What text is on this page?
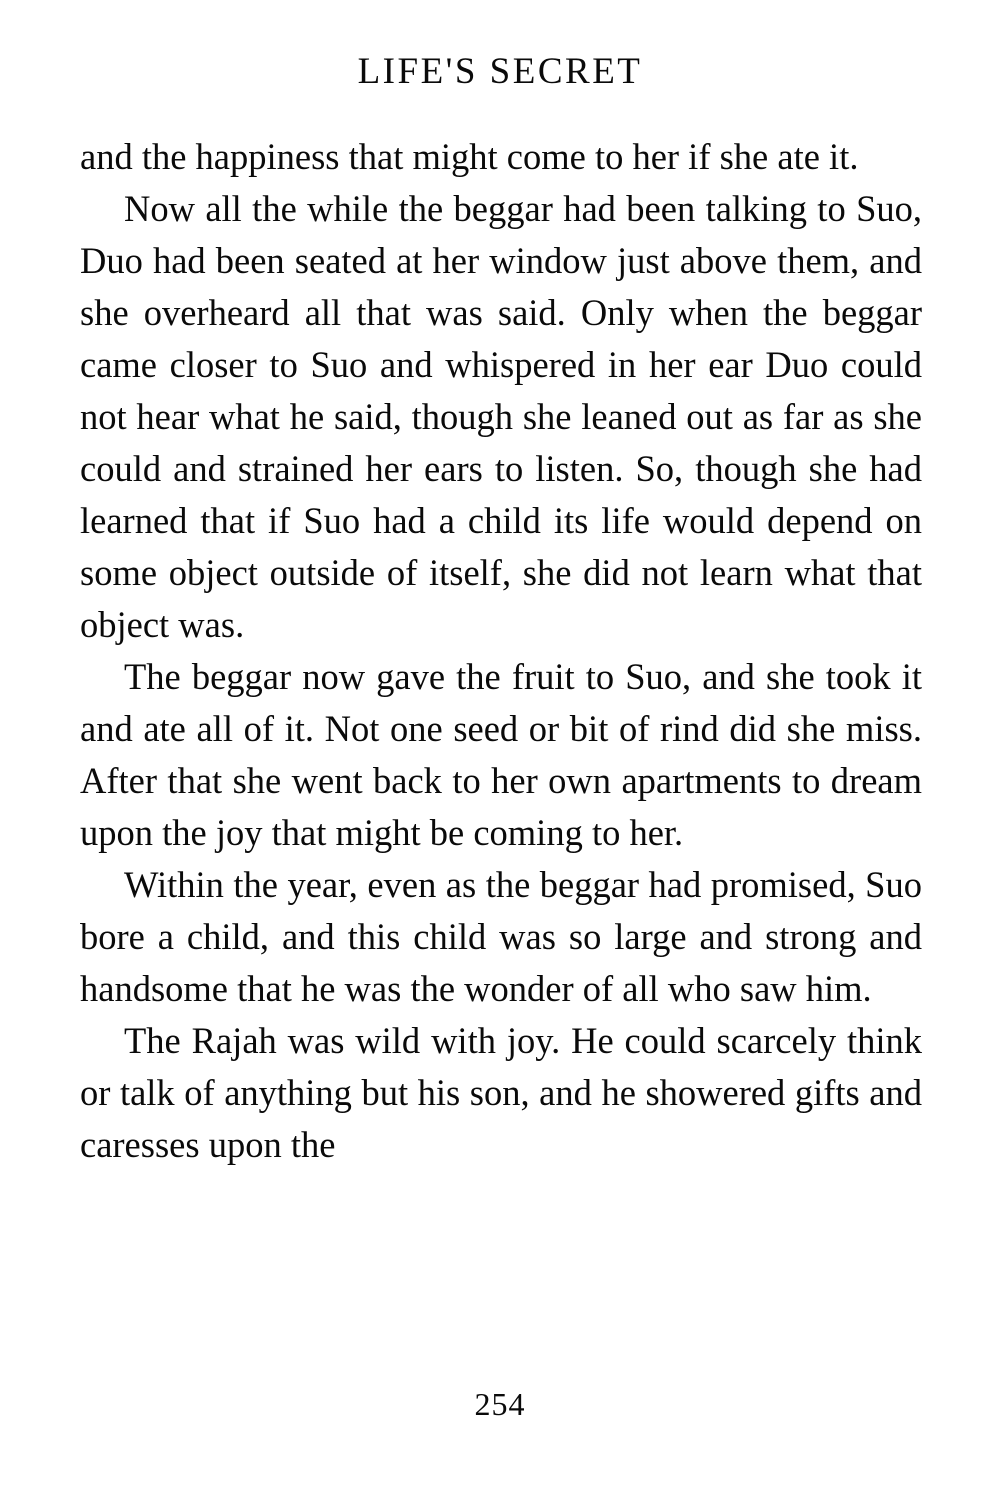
LIFE'S SECRET

and the happiness that might come to her if she ate it.

Now all the while the beggar had been talking to Suo, Duo had been seated at her window just above them, and she overheard all that was said. Only when the beggar came closer to Suo and whispered in her ear Duo could not hear what he said, though she leaned out as far as she could and strained her ears to listen. So, though she had learned that if Suo had a child its life would depend on some object outside of itself, she did not learn what that object was.

The beggar now gave the fruit to Suo, and she took it and ate all of it. Not one seed or bit of rind did she miss. After that she went back to her own apartments to dream upon the joy that might be coming to her.

Within the year, even as the beggar had promised, Suo bore a child, and this child was so large and strong and handsome that he was the wonder of all who saw him.

The Rajah was wild with joy. He could scarcely think or talk of anything but his son, and he showered gifts and caresses upon the

254
